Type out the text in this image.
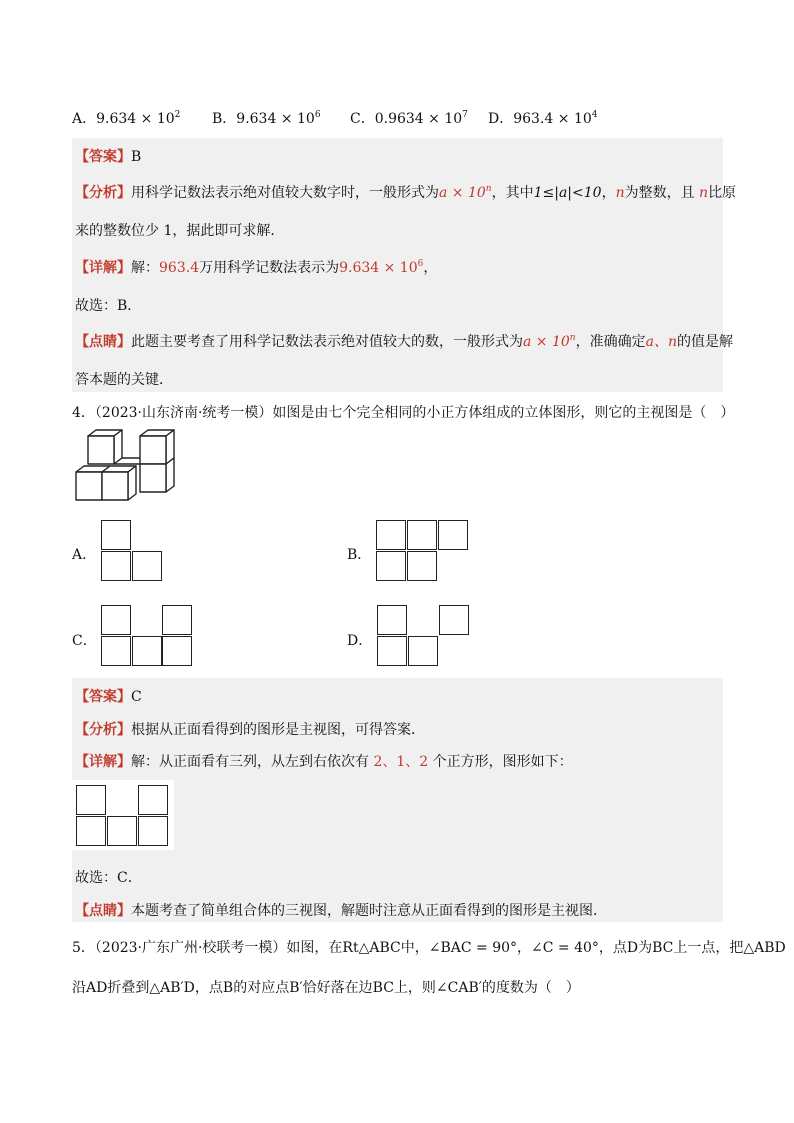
A．$9.634 \times 10^2$ B．$9.634 \times 10^6$ C．$0.9634 \times 10^7$ D．$963.4 \times 10^4$
【答案】B
【分析】用科学记数法表示绝对值较大数字时，一般形式为$a \times 10^n$，其中1≤|a|<10，n为整数，且 n比原
来的整数位少 1，据此即可求解．
【详解】解：963.4万用科学记数法表示为$9.634 \times 10^6$，
故选：B．
【点睛】此题主要考查了用科学记数法表示绝对值较大的数，一般形式为$a \times 10^n$，准确确定a、n的值是解
答本题的关键．
4．（2023·山东济南·统考一模）如图是由七个完全相同的小正方体组成的立体图形，则它的主视图是（　）
A．	B．
C．	D．
【答案】C
【分析】根据从正面看得到的图形是主视图，可得答案．
【详解】解：从正面看有三列，从左到右依次有 2、1、2 个正方形，图形如下：
故选：C．
【点睛】本题考查了简单组合体的三视图，解题时注意从正面看得到的图形是主视图．
5．（2023·广东广州·校联考一模）如图，在Rt△ABC中，∠BAC = 90°，∠C = 40°，点D为BC上一点，把△ABD
沿AD折叠到△AB′D，点B的对应点B′恰好落在边BC上，则∠CAB′的度数为（　）
